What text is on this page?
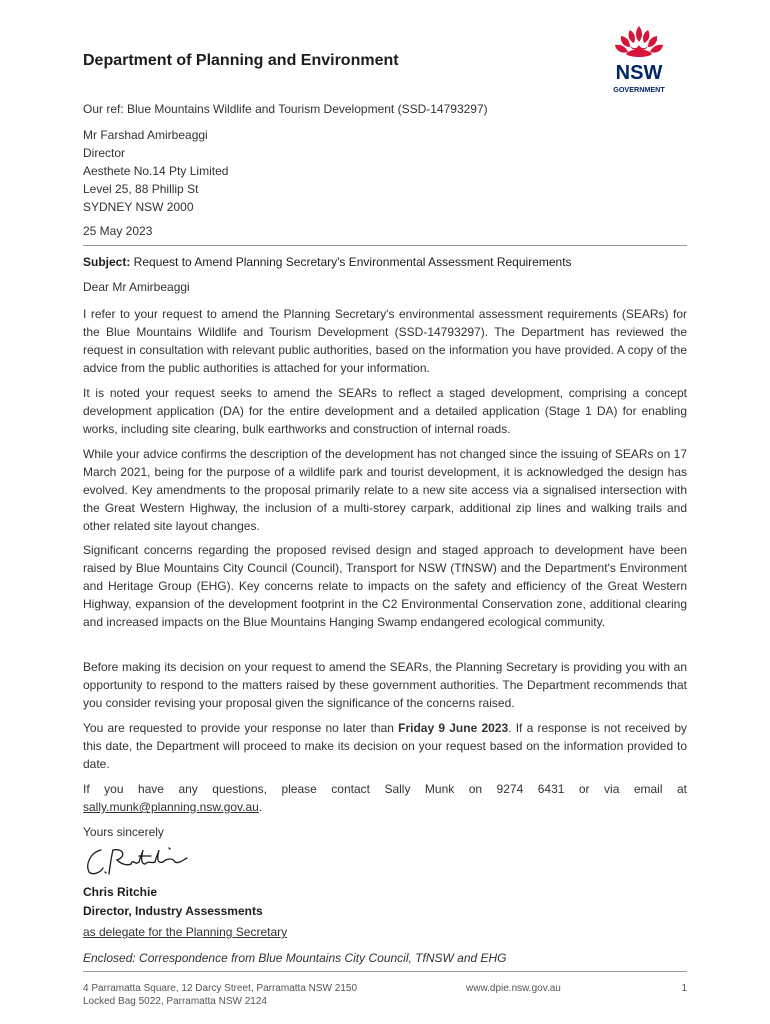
Department of Planning and Environment
NSW
GOVERNMENT
Our ref: Blue Mountains Wildlife and Tourism Development (SSD-14793297)
Mr Farshad Amirbeaggi
Director
Aesthete No.14 Pty Limited
Level 25, 88 Phillip St
SYDNEY NSW 2000
25 May 2023
Subject: Request to Amend Planning Secretary's Environmental Assessment Requirements
Dear Mr Amirbeaggi

I refer to your request to amend the Planning Secretary's environmental assessment requirements (SEARs) for the Blue Mountains Wildlife and Tourism Development (SSD-14793297). The Department has reviewed the request in consultation with relevant public authorities, based on the information you have provided. A copy of the advice from the public authorities is attached for your information.

It is noted your request seeks to amend the SEARs to reflect a staged development, comprising a concept development application (DA) for the entire development and a detailed application (Stage 1 DA) for enabling works, including site clearing, bulk earthworks and construction of internal roads.

While your advice confirms the description of the development has not changed since the issuing of SEARs on 17 March 2021, being for the purpose of a wildlife park and tourist development, it is acknowledged the design has evolved. Key amendments to the proposal primarily relate to a new site access via a signalised intersection with the Great Western Highway, the inclusion of a multi-storey carpark, additional zip lines and walking trails and other related site layout changes.

Significant concerns regarding the proposed revised design and staged approach to development have been raised by Blue Mountains City Council (Council), Transport for NSW (TfNSW) and the Department's Environment and Heritage Group (EHG). Key concerns relate to impacts on the safety and efficiency of the Great Western Highway, expansion of the development footprint in the C2 Environmental Conservation zone, additional clearing and increased impacts on the Blue Mountains Hanging Swamp endangered ecological community.

Before making its decision on your request to amend the SEARs, the Planning Secretary is providing you with an opportunity to respond to the matters raised by these government authorities. The Department recommends that you consider revising your proposal given the significance of the concerns raised.

You are requested to provide your response no later than Friday 9 June 2023. If a response is not received by this date, the Department will proceed to make its decision on your request based on the information provided to date.

If you have any questions, please contact Sally Munk on 9274 6431 or via email at sally.munk@planning.nsw.gov.au.

Yours sincerely
Chris Ritchie
Director, Industry Assessments
as delegate for the Planning Secretary
Enclosed: Correspondence from Blue Mountains City Council, TfNSW and EHG
4 Parramatta Square, 12 Darcy Street, Parramatta NSW 2150
Locked Bag 5022, Parramatta NSW 2124
www.dpie.nsw.gov.au	1
